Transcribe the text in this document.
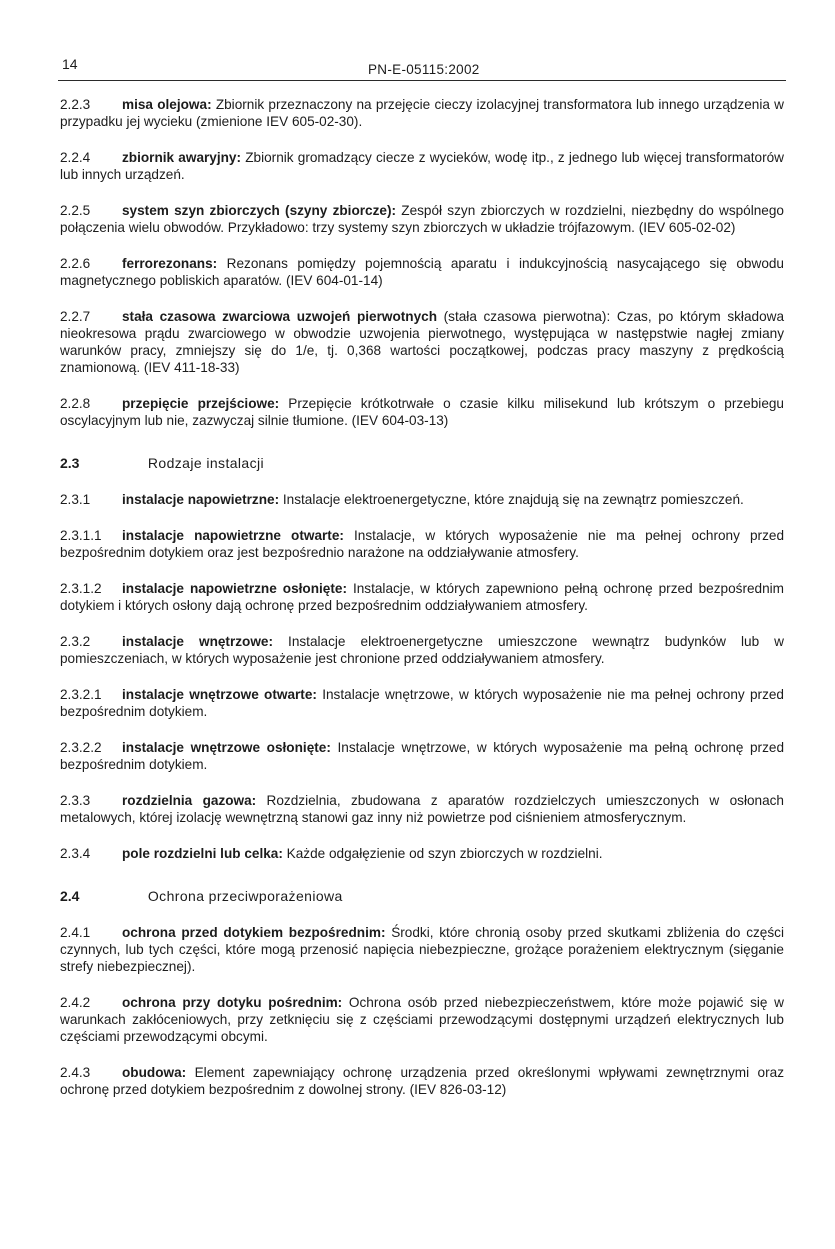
14	PN-E-05115:2002

2.2.3 misa olejowa: Zbiornik przeznaczony na przejęcie cieczy izolacyjnej transformatora lub innego urządzenia w przypadku jej wycieku (zmienione IEV 605-02-30).

2.2.4 zbiornik awaryjny: Zbiornik gromadzący ciecze z wycieków, wodę itp., z jednego lub więcej transformatorów lub innych urządzeń.

2.2.5 system szyn zbiorczych (szyny zbiorcze): Zespół szyn zbiorczych w rozdzielni, niezbędny do wspólnego połączenia wielu obwodów. Przykładowo: trzy systemy szyn zbiorczych w układzie trójfazowym. (IEV 605-02-02)

2.2.6 ferrorezonans: Rezonans pomiędzy pojemnością aparatu i indukcyjnością nasycającego się obwodu magnetycznego pobliskich aparatów. (IEV 604-01-14)

2.2.7 stała czasowa zwarciowa uzwojeń pierwotnych (stała czasowa pierwotna): Czas, po którym składowa nieokresowa prądu zwarciowego w obwodzie uzwojenia pierwotnego, występująca w następstwie nagłej zmiany warunków pracy, zmniejszy się do 1/e, tj. 0,368 wartości początkowej, podczas pracy maszyny z prędkością znamionową. (IEV 411-18-33)

2.2.8 przepięcie przejściowe: Przepięcie krótkotrwałe o czasie kilku milisekund lub krótszym o przebiegu oscylacyjnym lub nie, zazwyczaj silnie tłumione. (IEV 604-03-13)

2.3	Rodzaje instalacji

2.3.1 instalacje napowietrzne: Instalacje elektroenergetyczne, które znajdują się na zewnątrz pomieszczeń.

2.3.1.1 instalacje napowietrzne otwarte: Instalacje, w których wyposażenie nie ma pełnej ochrony przed bezpośrednim dotykiem oraz jest bezpośrednio narażone na oddziaływanie atmosfery.

2.3.1.2 instalacje napowietrzne osłonięte: Instalacje, w których zapewniono pełną ochronę przed bezpośrednim dotykiem i których osłony dają ochronę przed bezpośrednim oddziaływaniem atmosfery.

2.3.2 instalacje wnętrzowe: Instalacje elektroenergetyczne umieszczone wewnątrz budynków lub w pomieszczeniach, w których wyposażenie jest chronione przed oddziaływaniem atmosfery.

2.3.2.1 instalacje wnętrzowe otwarte: Instalacje wnętrzowe, w których wyposażenie nie ma pełnej ochrony przed bezpośrednim dotykiem.

2.3.2.2 instalacje wnętrzowe osłonięte: Instalacje wnętrzowe, w których wyposażenie ma pełną ochronę przed bezpośrednim dotykiem.

2.3.3 rozdzielnia gazowa: Rozdzielnia, zbudowana z aparatów rozdzielczych umieszczonych w osłonach metalowych, której izolację wewnętrzną stanowi gaz inny niż powietrze pod ciśnieniem atmosferycznym.

2.3.4 pole rozdzielni lub celka: Każde odgałęzienie od szyn zbiorczych w rozdzielni.

2.4	Ochrona przeciwporażeniowa

2.4.1 ochrona przed dotykiem bezpośrednim: Środki, które chronią osoby przed skutkami zbliżenia do części czynnych, lub tych części, które mogą przenosić napięcia niebezpieczne, grożące porażeniem elektrycznym (sięganie strefy niebezpiecznej).

2.4.2 ochrona przy dotyku pośrednim: Ochrona osób przed niebezpieczeństwem, które może pojawić się w warunkach zakłóceniowych, przy zetknięciu się z częściami przewodzącymi dostępnymi urządzeń elektrycznych lub częściami przewodzącymi obcymi.

2.4.3 obudowa: Element zapewniający ochronę urządzenia przed określonymi wpływami zewnętrznymi oraz ochronę przed dotykiem bezpośrednim z dowolnej strony. (IEV 826-03-12)
